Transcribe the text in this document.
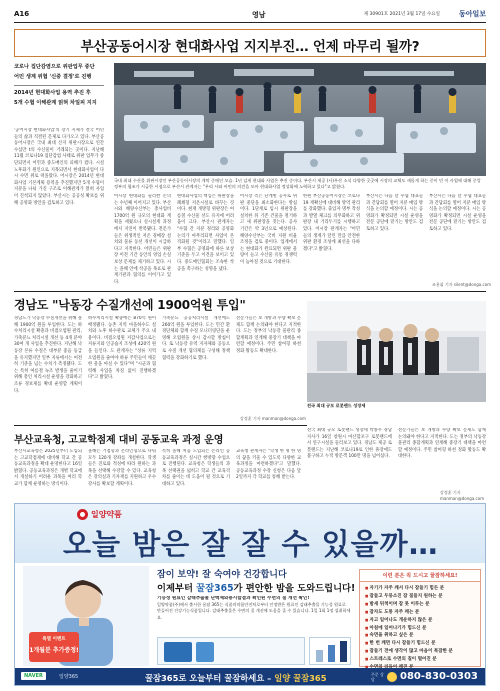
A16	영남	제 30901호 2021년 3월 17일 수요일	동아일보
부산공동어시장 현대화사업 지지부진… 언제 마무리 될까?
코로나 집단감염으로 위판업무 중단
어민 생계 위협 '신중 결정'로 진행
2014년 현대화사업 용역 추진 후
5개 수협 이해관계 얽혀 차일피 지지
'공어시장 현대화사업'의 장기 지체가 결국 어민들의 삶과 직결된 문제로 다가오고 있다. 부산공동어시장은 국내 최대 산지 위판시장으로 연간 수십만 t의 수산물이 거래되는 곳이다. 지난해 11월 코로나19 집단감염 사태로 위판 업무가 중단되면서 어민과 중도매인의 피해가 컸다. 시설 노후화가 원인으로 지목되면서 현대화사업이 다시 수면 위로 떠올랐다. 어시장은 2014년 현대화사업 기본계획 용역을 추진했지만 5개 수협이 지분을 나눠 가진 구조로 이해관계가 얽혀 사업이 진척되지 않았다. 부산시는 공공성 확보를 위해 공영화 방안을 검토하고 있다.
국내 최대 수산물 위판시장인 부산공동어시장의 개막 중매인 모습. 1년 넘게 현대화 사업은 추진 중이다. 부산시 제공 (사)우산 소식 다양한 곳곳에 시장의 교체도 새롭게 하는 중이 민 이 사업에 대해 중앙 정부의 협조가 시급한 시점으로 부산시 관계자는 "우리 시와 어민의 의견을 모아 현대화사업 정상화에 노력하고 있다"고 밝혔다.
어시장 현대화를 둘러싼 논의는 수년째 이어지고 있다. 부산시와 해양수산부는 총사업비 1700억 원 규모의 현대화 계획을 세웠으나 실시설계 과정에서 지연이 반복됐다. 전문가들은 위생적인 저온 경매장 설치와 물류 동선 개선이 시급하다고 지적한다. 어민들은 위판장 이전 기간 동안의 영업 손실 보상 문제를 제기하고 있다. 시는 올해 안에 착공을 목표로 관계기관과 협의를 이어가고 있다.
현대화사업의 핵심은 위판장을 폐쇄형 저온시설로 바꾸는 것이다. 현재 개방형 위판장은 여름철 수산물 선도 유지에 어려움이 크다. 부산시 관계자는 "수협 간 지분 정리와 공영화 논의가 마무리되면 사업이 본격화될 것"이라고 말했다. 일부 수협은 공영화에 따른 보상 기준을 두고 이견을 보이고 있다. 중도매인협회는 조속한 착공을 촉구하는 성명을 냈다.
어시장 측은 단계별 공사로 위판 중단을 최소화한다는 방침이다. 1단계로 임시 위판장을 설치한 뒤 기존 건물을 철거하고 새 위판장을 짓는다. 공사 기간은 약 3년으로 예상된다. 해양수산부는 국비 지원 비율 조정을 검토 중이다. 업계에서는 현대화가 완료되면 위판 물량이 늘고 수산물 유통 경쟁력이 높아질 것으로 기대한다.
한편 부산공동어시장은 코로나19 재확산에 대비해 방역 관리를 강화했다. 출입자 명부 작성과 발열 체크를 의무화하고 위판장 내 거리두기를 시행하고 있다. 어시장 관계자는 "어민들의 생계가 달린 만큼 안전한 위판 환경 조성에 최선을 다하겠다"고 밝혔다.
부산시는 다음 달 수협 대표들과 간담회를 열어 지분 매입 방식을 논의할 예정이다. 시는 공영화가 확정되면 시설 운영을 전문 공단에 맡기는 방안도 검토하고 있다.
부산시는 다음 달 수협 대표들과 간담회를 열어 지분 매입 방식을 논의할 예정이다. 시는 공영화가 확정되면 시설 운영을 전문 공단에 맡기는 방안도 검토하고 있다.
조용휘 기자 silent@donga.com
경남도 "낙동강 수질개선에 1900억원 투입"
경남도가 낙동강 수질개선을 위해 올해 1900억 원을 투입한다. 도는 하수처리시설 확충과 비점오염원 관리, 가축분뇨 처리시설 개선 등 4개 분야 30여 개 사업을 추진한다. 지난해 낙동강 본류 수질은 대부분 좋음 등급을 유지했지만 일부 지류에서는 여전히 기준을 넘는 수치가 측정됐다. 도는 특히 여름철 녹조 발생을 줄이기 위해 총인 처리시설 운영을 강화하고 조류 경보제를 확대 운영할 계획이다.
하수처리시설 확충에는 870억 원이 배정됐다. 농촌 지역 마을하수도 설치와 노후 하수관로 교체가 주요 내용이다. 비점오염원 저감사업으로는 저류지와 인공습지 조성에 420억 원을 들인다. 도 관계자는 "상류 지역 오염원을 줄여야 하류 주민들이 깨끗한 물을 마실 수 있다"며 "시군과 협력해 사업을 차질 없이 진행하겠다"고 밝혔다.
가축분뇨 공공처리시설 개선에도 260억 원을 투입한다. 도는 민간 환경단체와 함께 수질 모니터링단을 운영해 오염원을 상시 감시할 방침이다. 또 낙동강 유역 지자체와 공동으로 수질 개선 협의체를 구성해 정책 협력을 강화하기로 했다.
전문가들은 보 개방과 수량 확보 문제도 함께 논의돼야 한다고 지적한다. 도는 정부의 낙동강 물관리 종합계획과 연계해 중장기 대책을 마련할 예정이다. 주민 참여형 하천 정화 활동도 확대한다.
강정훈 기자 manman@donga.com
전국 최대 규모 로봇랜드 성장세
전국 최대 규모 로봇랜드 성장세 박종우 경남지사가 16일 창원시 마산합포구 로봇랜드에서 연구시설을 둘러보고 있다. 경남도 제공 로봇랜드는 지난해 코로나19로 인한 휴장에도 불구하고 누적 방문객 100만 명을 넘어섰다.
전문가들은 보 개방과 수량 확보 문제도 함께 논의돼야 한다고 지적한다. 도는 정부의 낙동강 물관리 종합계획과 연계해 중장기 대책을 마련할 예정이다. 주민 참여형 하천 정화 활동도 확대한다.
강정훈 기자 manman@donga.com
부산교육청, 고교학점제 대비 공동교육 과정 운영
부산시교육청은 2025년부터 도입되는 고교학점제에 대비해 학교 간 공동교육과정을 확대 운영한다고 16일 밝혔다. 공동교육과정은 개별 학교에서 개설하기 어려운 과목을 여러 학교가 함께 운영하는 방식이다.
올해는 거점형과 온라인형으로 나눠 모두 120개 강좌를 개설한다. 학생들은 진로와 적성에 따라 원하는 과목을 선택해 수강할 수 있다. 교육청은 강의실과 기자재를 지원하고 우수 강사를 확보할 계획이다.
특히 올해 처음 도입되는 온라인 공동교육과정은 실시간 쌍방향 수업으로 진행된다. 교육청은 학생들의 과목 선택권을 넓히고 학교 간 교육격차를 줄이는 데 도움이 될 것으로 기대하고 있다.
교육청 관계자는 "학생 한 명 한 명의 꿈을 키울 수 있도록 다양한 교육과정을 마련하겠다"고 말했다. 공동교육과정 수강 신청은 다음 달 2일까지 각 학교를 통해 받는다.
일양약품
오늘 밤은 잘 잘 수 있을까…
특별 이벤트
1개월분 추가증정!
잠이 보약! 잘 숙여야 건강합니다
이제부터 꿀잠365가 편안한 밤을 도와드립니다!
기능성 원료인 감태추출물 단백체와용시합결과 확인된 수면의 질 개선 확인!
일양약품(주)에서 출시한 꿀잠 365는 식품의약품안전처로부터 인정받은 원료인 감태추출물 기능성 원료로 만들어진 건강기능식품입니다. 감태추출물은 수면의 질 개선에 도움을 줄 수 있습니다. 1일 1회 1정 섭취하세요.
이런 분은 꼭 드시고 꿀잠하세요!
■ 자기가 자주 깨서 다시 잠들기 힘든 분
■ 잠들고 두뭉소진 잠 질들지 원하는 분
■ 밤새 뒤척이며 잠 못 이루는 분
■ 잠자도 도통 자주 깨는 분
■ 자고 일어나도 개운하지 않은 분
■ 아침에 일어나기가 힘드신 분
■ 숙면을 취하고 싶은 분
■ 한 번 깨면 다시 잠들기 힘드신 분
■ 잠들기 전에 생각이 많고 마음이 복잡한 분
■ 스트레스로 수면의 질이 떨어진 분
■
NAVER	일양365	꿀잠365로 오늘부터 꿀잠하세요 – 일양 꿀잠365	주문 상담	080-830-0303
